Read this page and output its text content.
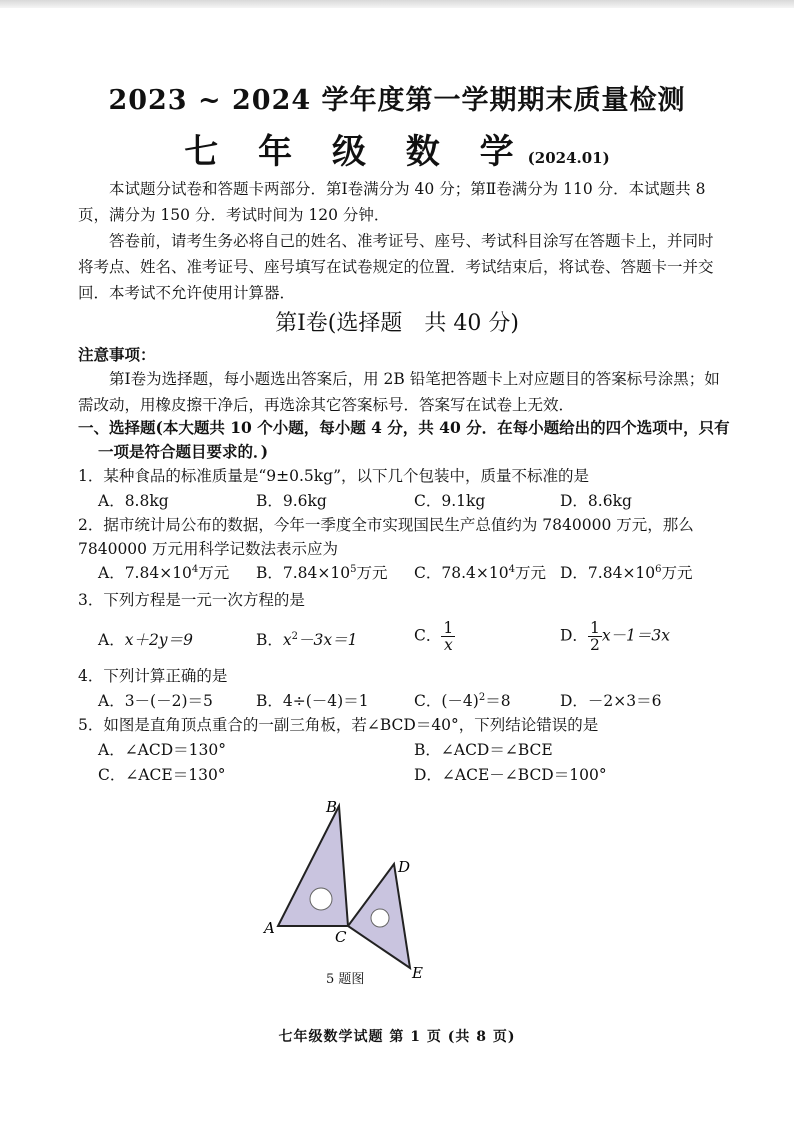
2023 ~ 2024 学年度第一学期期末质量检测
七 年 级 数 学(2024.01)
本试题分试卷和答题卡两部分．第Ⅰ卷满分为 40 分；第Ⅱ卷满分为 110 分．本试题共 8 页，满分为 150 分．考试时间为 120 分钟．
答卷前，请考生务必将自己的姓名、准考证号、座号、考试科目涂写在答题卡上，并同时将考点、姓名、准考证号、座号填写在试卷规定的位置．考试结束后，将试卷、答题卡一并交回．本考试不允许使用计算器．
第Ⅰ卷(选择题　共 40 分)
注意事项：
第Ⅰ卷为选择题，每小题选出答案后，用 2B 铅笔把答题卡上对应题目的答案标号涂黑；如需改动，用橡皮擦干净后，再选涂其它答案标号．答案写在试卷上无效．
一、选择题(本大题共 10 个小题，每小题 4 分，共 40 分．在每小题给出的四个选项中，只有
一项是符合题目要求的．)
1．某种食品的标准质量是“9±0.5kg”，以下几个包装中，质量不标准的是
A．8.8kg	B．9.6kg	C．9.1kg	D．8.6kg
2．据市统计局公布的数据，今年一季度全市实现国民生产总值约为 7840000 万元，那么
7840000 万元用科学记数法表示应为
A．$7.84\times 10^4$万元 B．$7.84\times 10^5$万元 C．$78.4\times 10^4$万元 D．$7.84\times 10^6$万元
3．下列方程是一元一次方程的是
A．x＋2y＝9	B．$x^2-3x=1$	C． $\frac{1}{x}$	D． $\frac{1}{2} x-1=3x$
4．下列计算正确的是
A．3－(－2)＝5	B．4÷(－4)＝1	C．$(-4)^2=8$	D．－2×3＝6
5．如图是直角顶点重合的一副三角板，若∠BCD＝40°，下列结论错误的是
A．∠ACD＝130°	B．∠ACD＝∠BCE
C．∠ACE＝130°	D．∠ACE－∠BCD＝100°
B
A	C
D
E
5 题图
七年级数学试题 第 1 页 (共 8 页)
